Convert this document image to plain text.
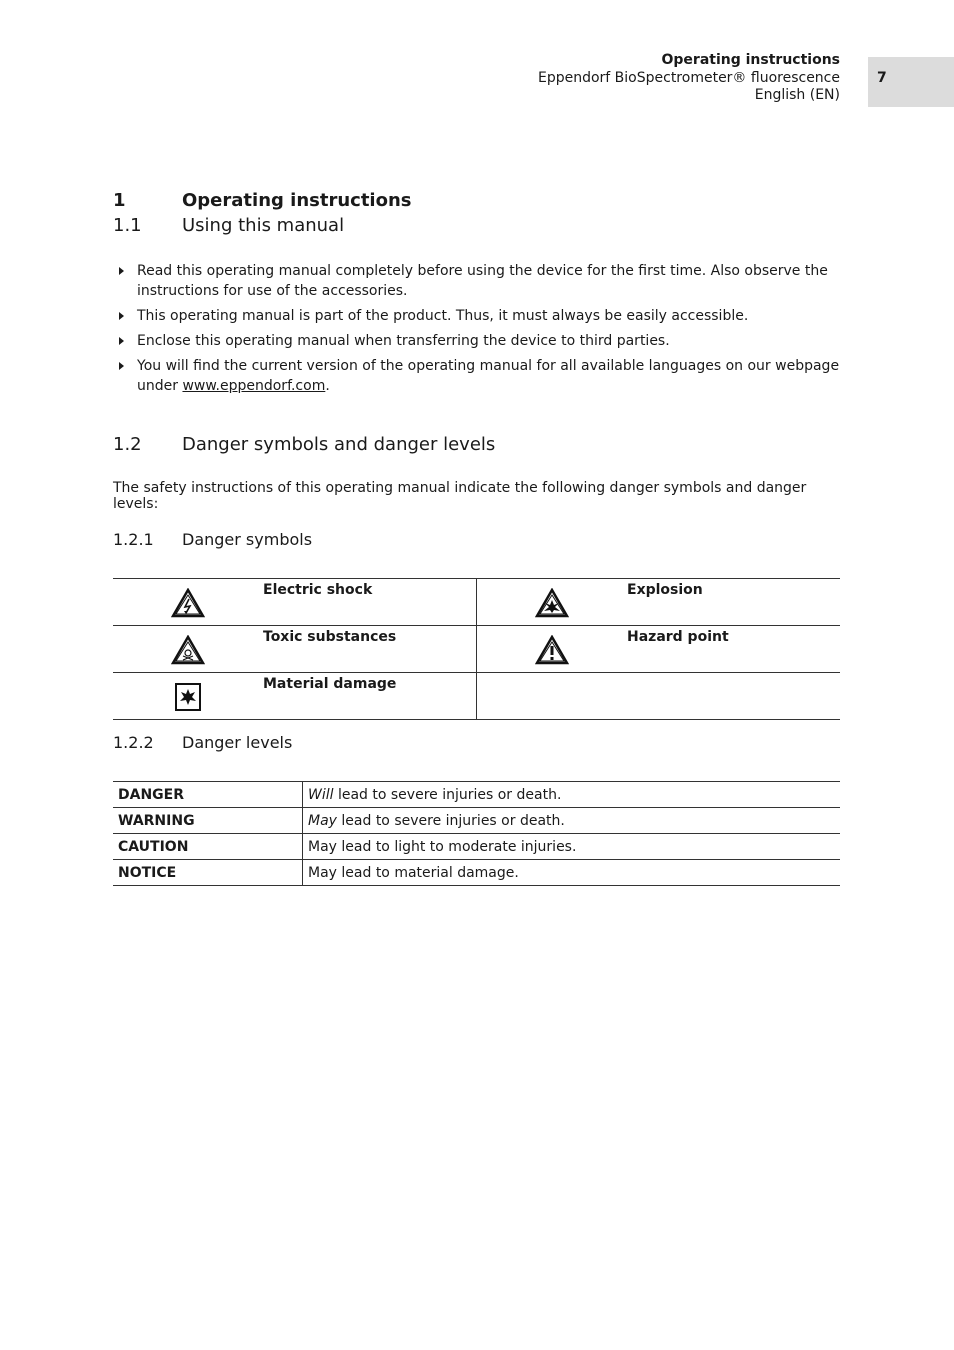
Operating instructions
Eppendorf BioSpectrometer® fluorescence
English (EN)
7
1	Operating instructions
1.1 Using this manual
Read this operating manual completely before using the device for the first time. Also observe the instructions for use of the accessories.
This operating manual is part of the product. Thus, it must always be easily accessible.
Enclose this operating manual when transferring the device to third parties.
You will find the current version of the operating manual for all available languages on our webpage under www.eppendorf.com.
1.2 Danger symbols and danger levels
The safety instructions of this operating manual indicate the following danger symbols and danger levels:
1.2.1 Danger symbols
	Electric shock		Explosion
	Toxic substances		Hazard point
	Material damage		
1.2.2 Danger levels
DANGER	Will lead to severe injuries or death.
WARNING	May lead to severe injuries or death.
CAUTION	May lead to light to moderate injuries.
NOTICE	May lead to material damage.
